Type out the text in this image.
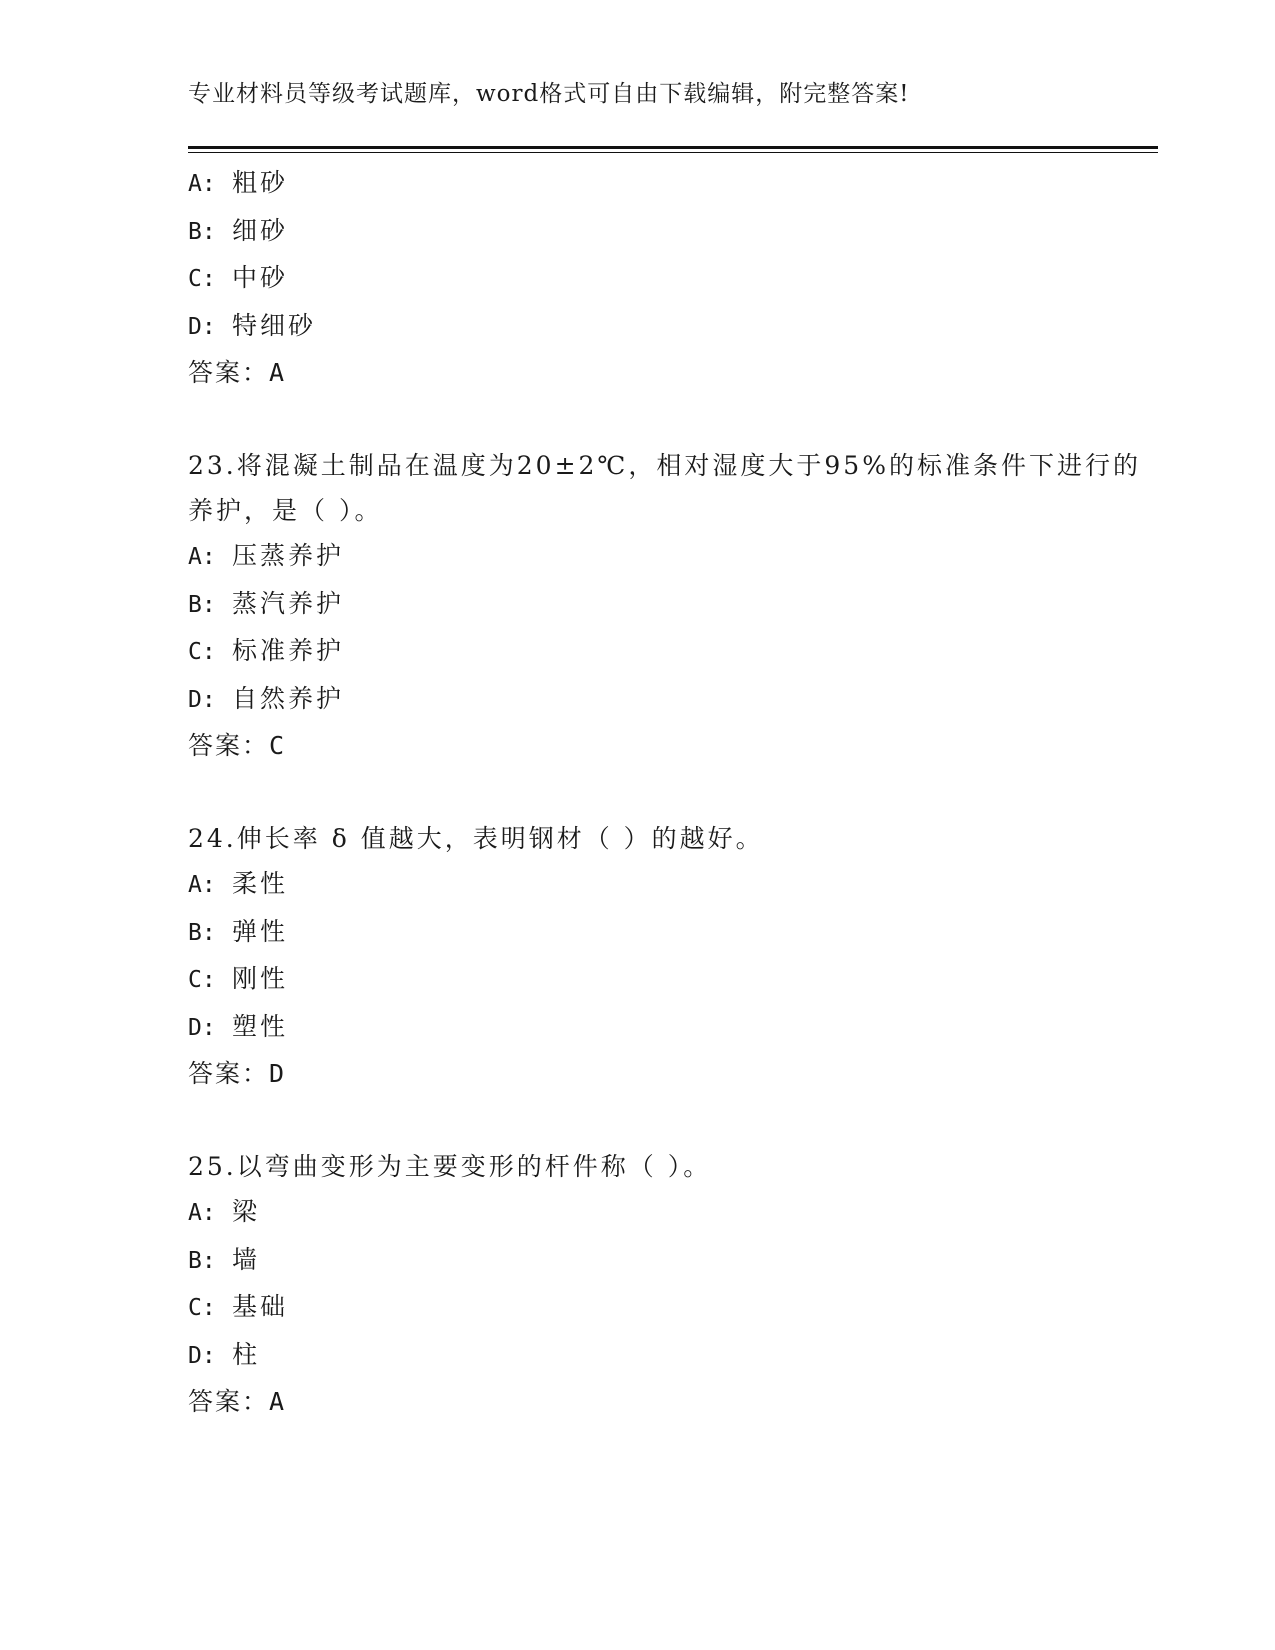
专业材料员等级考试题库，word格式可自由下载编辑，附完整答案!
A: 粗砂
B: 细砂
C: 中砂
D: 特细砂
答案：A
23.将混凝土制品在温度为20±2℃，相对湿度大于95%的标准条件下进行的养护，是（ ）。
A: 压蒸养护
B: 蒸汽养护
C: 标准养护
D: 自然养护
答案：C
24.伸长率 δ 值越大，表明钢材（ ）的越好。
A: 柔性
B: 弹性
C: 刚性
D: 塑性
答案：D
25.以弯曲变形为主要变形的杆件称（ ）。
A: 梁
B: 墙
C: 基础
D: 柱
答案：A
